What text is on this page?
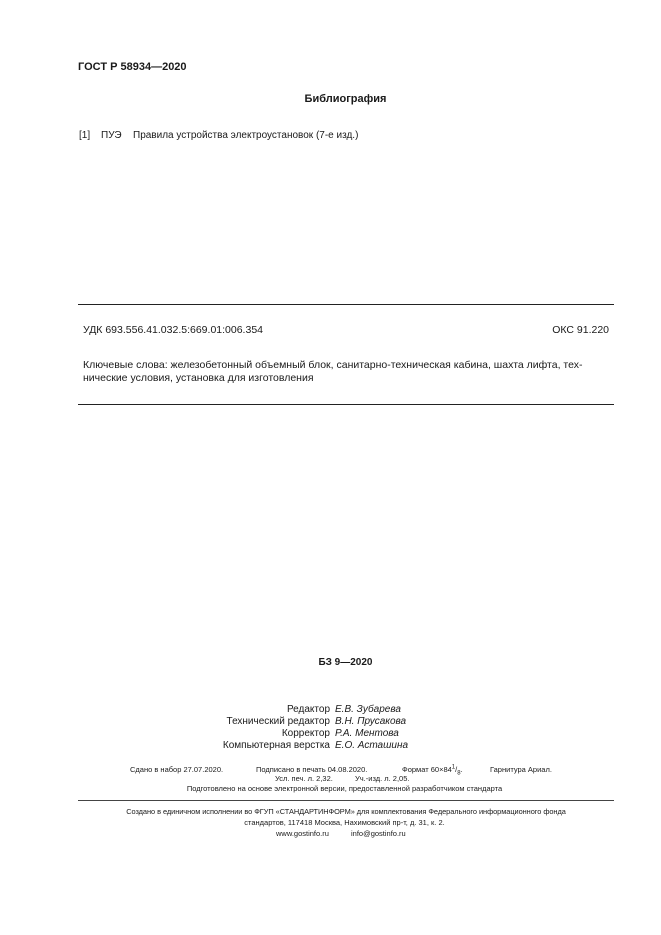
ГОСТ Р 58934—2020
Библиография
[1] ПУЭ Правила устройства электроустановок (7-е изд.)
УДК 693.556.41.032.5:669.01:006.354	ОКС 91.220
Ключевые слова: железобетонный объемный блок, санитарно-техническая кабина, шахта лифта, тех-
нические условия, установка для изготовления
БЗ 9—2020
Редактор Е.В. Зубарева
Технический редактор В.Н. Прусакова
Корректор Р.А. Ментова
Компьютерная верстка Е.О. Асташина
Сдано в набор 27.07.2020.	Подписано в печать 04.08.2020.	Формат $60\times 84^1/_8$.	Гарнитура Ариал.
Усл. печ. л. 2,32.	Уч.-изд. л. 2,05.
Подготовлено на основе электронной версии, предоставленной разработчиком стандарта
Создано в единичном исполнении во ФГУП «СТАНДАРТИНФОРМ» для комплектования Федерального информационного фонда
стандартов, 117418 Москва, Нахимовский пр-т, д. 31, к. 2.
www.gostinfo.ru	info@gostinfo.ru
